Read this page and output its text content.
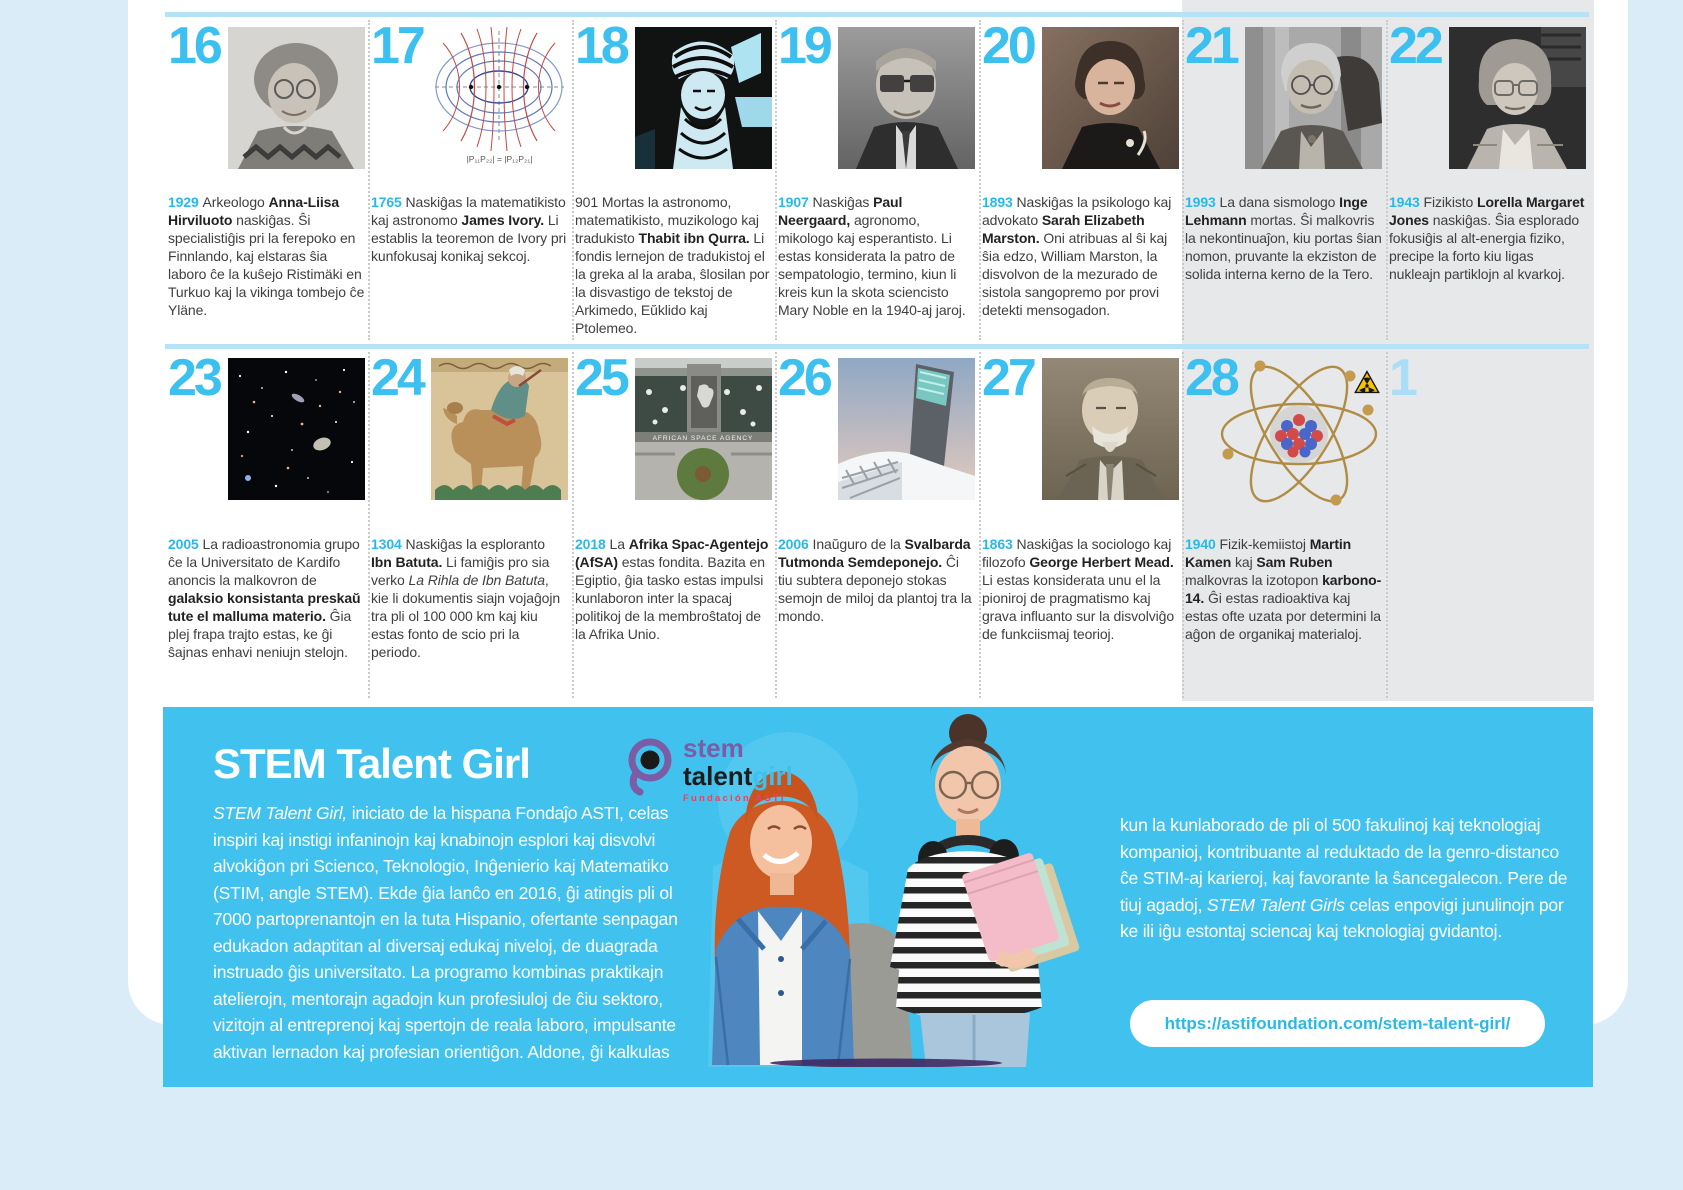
16
1929 Arkeologo Anna-Liisa Hirviluoto naskiĝas. Ŝi specialistiĝis pri la ferepoko en Finnlando, kaj elstaras ŝia laboro ĉe la kuŝejo Ristimäki en Turkuo kaj la vikinga tombejo ĉe Yläne.
17
|P₁₁P₂₂| = |P₁₂P₂₁|
1765 Naskiĝas la matematikisto kaj astronomo James Ivory. Li establis la teoremon de Ivory pri kunfokusaj konikaj sekcoj.
18
901 Mortas la astronomo, matematikisto, muzikologo kaj tradukisto Thabit ibn Qurra. Li fondis lernejon de tradukistoj el la greka al la araba, ŝlosilan por la disvastigo de tekstoj de Arkimedo, Eŭklido kaj Ptolemeo.
19
1907 Naskiĝas Paul Neergaard, agronomo, mikologo kaj esperantisto. Li estas konsiderata la patro de sempatologio, termino, kiun li kreis kun la skota sciencisto Mary Noble en la 1940-aj jaroj.
20
1893 Naskiĝas la psikologo kaj advokato Sarah Elizabeth Marston. Oni atribuas al ŝi kaj ŝia edzo, William Marston, la disvolvon de la mezurado de sistola sangopremo por provi detekti mensogadon.
21
1993 La dana sismologo Inge Lehmann mortas. Ŝi malkovris la nekontinuaĵon, kiu portas ŝian nomon, pruvante la ekziston de solida interna kerno de la Tero.
22
1943 Fizikisto Lorella Margaret Jones naskiĝas. Ŝia esplorado fokusiĝis al alt-energia fiziko, precipe la forto kiu ligas nukleajn partiklojn al kvarkoj.
23
2005 La radioastronomia grupo ĉe la Universitato de Kardifo anoncis la malkovron de galaksio konsistanta preskaŭ tute el malluma materio. Ĝia plej frapa trajto estas, ke ĝi ŝajnas enhavi neniujn stelojn.
24
1304 Naskiĝas la esploranto Ibn Batuta. Li famiĝis pro sia verko La Rihla de Ibn Batuta, kie li dokumentis siajn vojaĝojn tra pli ol 100 000 km kaj kiu estas fonto de scio pri la periodo.
25
AFRICAN SPACE AGENCY
2018 La Afrika Spac-Agentejo (AfSA) estas fondita. Bazita en Egiptio, ĝia tasko estas impulsi kunlaboron inter la spacaj politikoj de la membroŝtatoj de la Afrika Unio.
26
2006 Inaŭguro de la Svalbarda Tutmonda Semdeponejo. Ĉi tiu subtera deponejo stokas semojn de miloj da plantoj tra la mondo.
27
1863 Naskiĝas la sociologo kaj filozofo George Herbert Mead. Li estas konsiderata unu el la pioniroj de pragmatismo kaj grava influanto sur la disvolviĝo de funkciismaj teorioj.
28
1940 Fizik-kemiistoj Martin Kamen kaj Sam Ruben malkovras la izotopon karbono-14. Ĝi estas radioaktiva kaj estas ofte uzata por determini la aĝon de organikaj materialoj.
1
stem
talentgirl
Fundación ASTI
STEM Talent Girl
STEM Talent Girl, iniciato de la hispana Fondaĵo ASTI, celas inspiri kaj instigi infaninojn kaj knabinojn esplori kaj disvolvi alvokiĝon pri Scienco, Teknologio, Inĝenierio kaj Matematiko (STIM, angle STEM). Ekde ĝia lanĉo en 2016, ĝi atingis pli ol 7000 partoprenantojn en la tuta Hispanio, ofertante senpagan edukadon adaptitan al diversaj edukaj niveloj, de duagrada instruado ĝis universitato. La programo kombinas praktikajn atelierojn, mentorajn agadojn kun profesiuloj de ĉiu sektoro, vizitojn al entreprenoj kaj spertojn de reala laboro, impulsante aktivan lernadon kaj profesian orientiĝon. Aldone, ĝi kalkulas
kun la kunlaborado de pli ol 500 fakulinoj kaj teknologiaj kompanioj, kontribuante al reduktado de la genro-distanco ĉe STIM-aj karieroj, kaj favorante la ŝancegalecon. Pere de tiuj agadoj, STEM Talent Girls celas enpovigi junulinojn por ke ili iĝu estontaj sciencaj kaj teknologiaj gvidantoj.
https://astifoundation.com/stem-talent-girl/
